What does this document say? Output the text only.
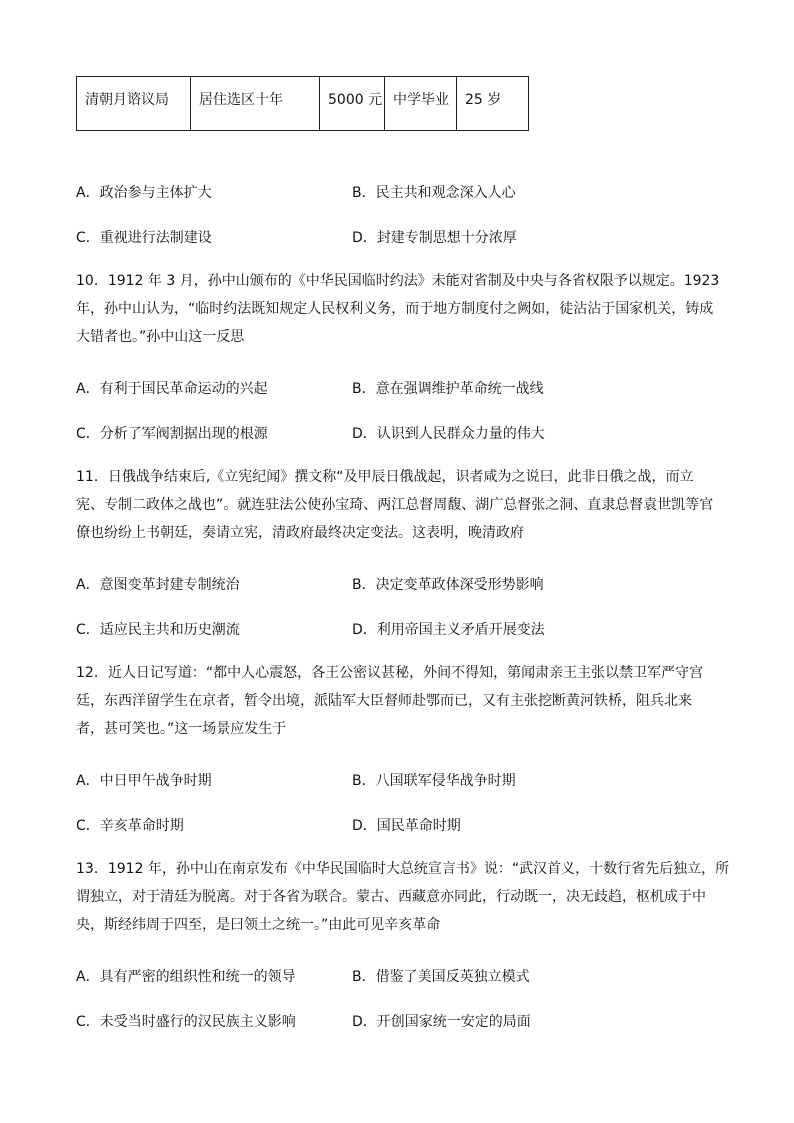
清朝月谘议局	居住选区十年	5000 元	中学毕业	25 岁
A．政治参与主体扩大	B．民主共和观念深入人心
C．重视进行法制建设	D．封建专制思想十分浓厚
10．1912 年 3 月，孙中山颁布的《中华民国临时约法》未能对省制及中央与各省权限予以规定。1923
年，孙中山认为，“临时约法既知规定人民权利义务，而于地方制度付之阙如，徒沾沾于国家机关，铸成
大错者也。”孙中山这一反思
A．有利于国民革命运动的兴起	B．意在强调维护革命统一战线
C．分析了军阀割据出现的根源	D．认识到人民群众力量的伟大
11．日俄战争结束后,《立宪纪闻》撰文称“及甲辰日俄战起，识者咸为之说曰，此非日俄之战，而立
宪、专制二政体之战也”。就连驻法公使孙宝琦、两江总督周馥、湖广总督张之洞、直隶总督袁世凯等官
僚也纷纷上书朝廷，奏请立宪，清政府最终决定变法。这表明，晚清政府
A．意图变革封建专制统治	B．决定变革政体深受形势影响
C．适应民主共和历史潮流	D．利用帝国主义矛盾开展变法
12．近人日记写道：“都中人心震怒，各王公密议甚秘，外间不得知，第闻肃亲王主张以禁卫军严守宫
廷，东西洋留学生在京者，暂令出境，派陆军大臣督师赴鄂而已，又有主张挖断黄河铁桥，阻兵北来
者，甚可笑也。”这一场景应发生于
A．中日甲午战争时期	B．八国联军侵华战争时期
C．辛亥革命时期	D．国民革命时期
13．1912 年，孙中山在南京发布《中华民国临时大总统宣言书》说：“武汉首义，十数行省先后独立，所
谓独立，对于清廷为脱离。对于各省为联合。蒙古、西藏意亦同此，行动既一，决无歧趋，枢机成于中
央，斯经纬周于四至，是曰领土之统一。”由此可见辛亥革命
A．具有严密的组织性和统一的领导	B．借鉴了美国反英独立模式
C．未受当时盛行的汉民族主义影响	D．开创国家统一安定的局面
